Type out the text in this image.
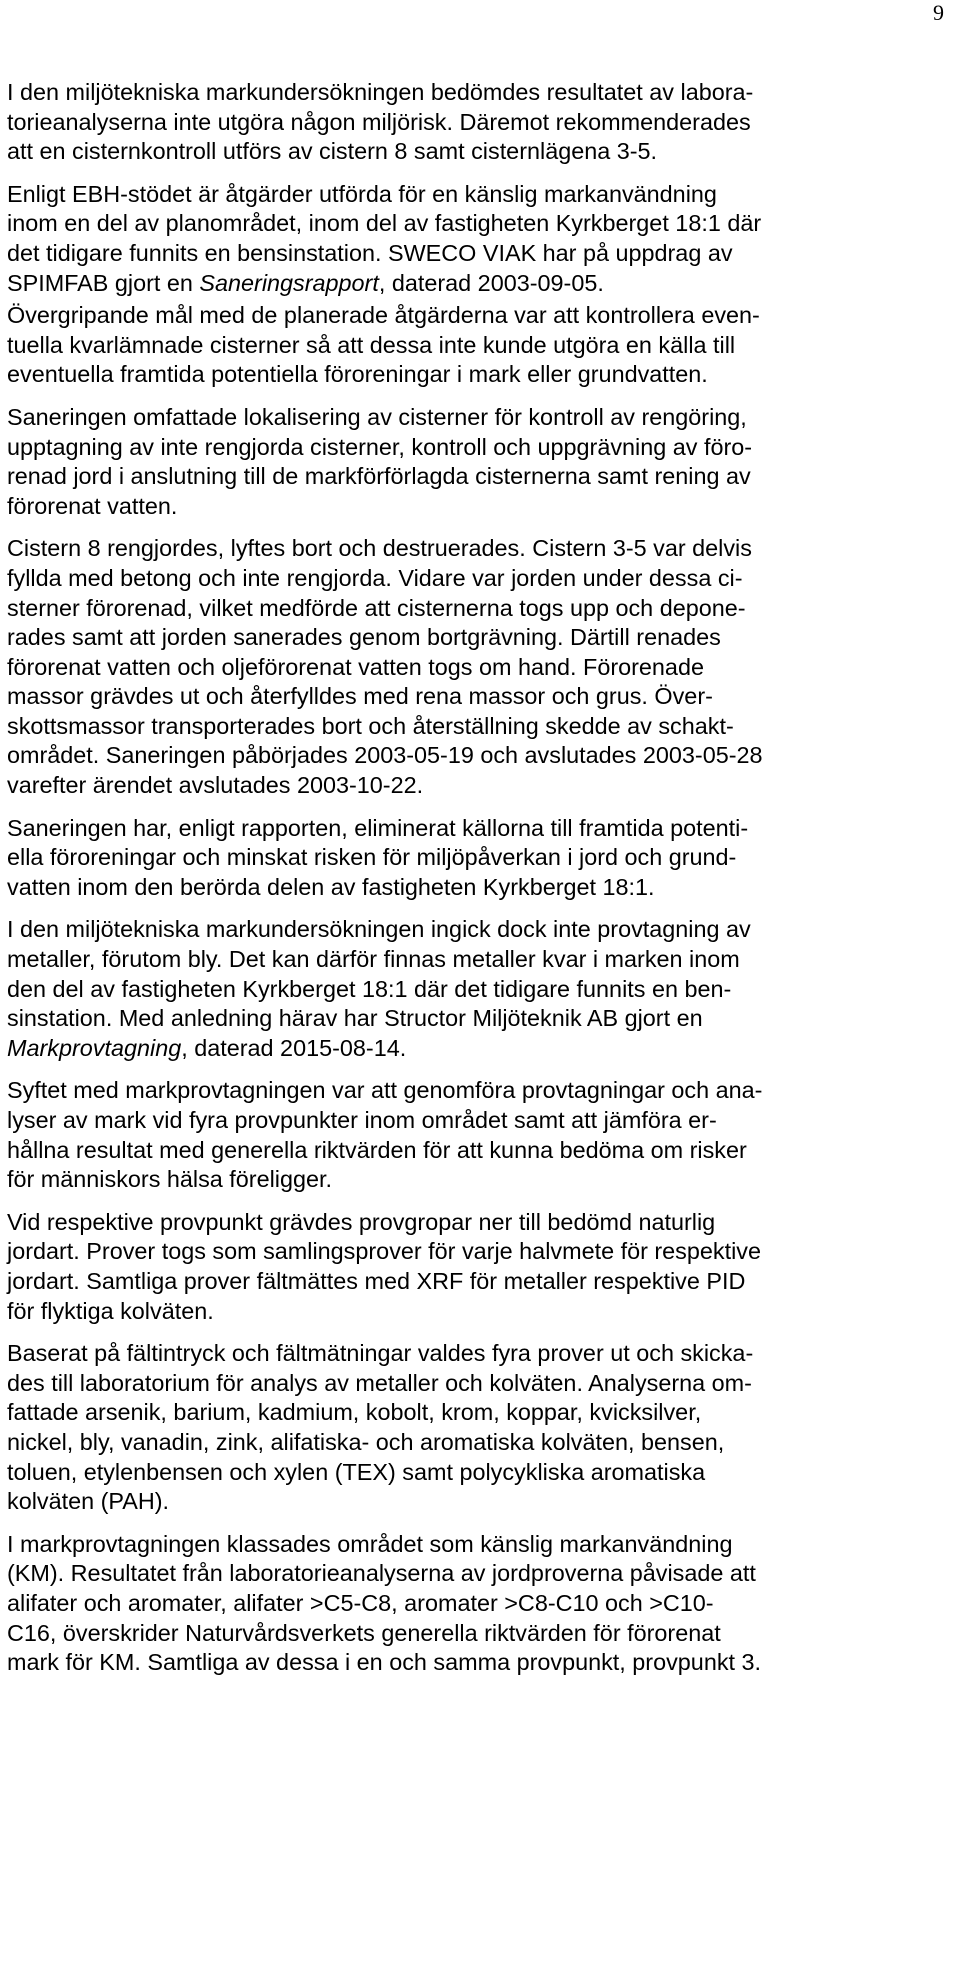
9

I den miljötekniska markundersökningen bedömdes resultatet av labora-
torieanalyserna inte utgöra någon miljörisk. Däremot rekommenderades
att en cisternkontroll utförs av cistern 8 samt cisternlägena 3-5.

Enligt EBH-stödet är åtgärder utförda för en känslig markanvändning
inom en del av planområdet, inom del av fastigheten Kyrkberget 18:1 där
det tidigare funnits en bensinstation. SWECO VIAK har på uppdrag av
SPIMFAB gjort en Saneringsrapport, daterad 2003-09-05.

Övergripande mål med de planerade åtgärderna var att kontrollera even-
tuella kvarlämnade cisterner så att dessa inte kunde utgöra en källa till
eventuella framtida potentiella föroreningar i mark eller grundvatten.

Saneringen omfattade lokalisering av cisterner för kontroll av rengöring,
upptagning av inte rengjorda cisterner, kontroll och uppgrävning av föro-
renad jord i anslutning till de markförförlagda cisternerna samt rening av
förorenat vatten.

Cistern 8 rengjordes, lyftes bort och destruerades. Cistern 3-5 var delvis
fyllda med betong och inte rengjorda. Vidare var jorden under dessa ci-
sterner förorenad, vilket medförde att cisternerna togs upp och depone-
rades samt att jorden sanerades genom bortgrävning. Därtill renades
förorenat vatten och oljeförorenat vatten togs om hand. Förorenade
massor grävdes ut och återfylldes med rena massor och grus. Över-
skottsmassor transporterades bort och återställning skedde av schakt-
området. Saneringen påbörjades 2003-05-19 och avslutades 2003-05-28
varefter ärendet avslutades 2003-10-22.

Saneringen har, enligt rapporten, eliminerat källorna till framtida potenti-
ella föroreningar och minskat risken för miljöpåverkan i jord och grund-
vatten inom den berörda delen av fastigheten Kyrkberget 18:1.

I den miljötekniska markundersökningen ingick dock inte provtagning av
metaller, förutom bly. Det kan därför finnas metaller kvar i marken inom
den del av fastigheten Kyrkberget 18:1 där det tidigare funnits en ben-
sinstation. Med anledning härav har Structor Miljöteknik AB gjort en
Markprovtagning, daterad 2015-08-14.

Syftet med markprovtagningen var att genomföra provtagningar och ana-
lyser av mark vid fyra provpunkter inom området samt att jämföra er-
hållna resultat med generella riktvärden för att kunna bedöma om risker
för människors hälsa föreligger.

Vid respektive provpunkt grävdes provgropar ner till bedömd naturlig
jordart. Prover togs som samlingsprover för varje halvmete för respektive
jordart. Samtliga prover fältmättes med XRF för metaller respektive PID
för flyktiga kolväten.

Baserat på fältintryck och fältmätningar valdes fyra prover ut och skicka-
des till laboratorium för analys av metaller och kolväten. Analyserna om-
fattade arsenik, barium, kadmium, kobolt, krom, koppar, kvicksilver,
nickel, bly, vanadin, zink, alifatiska- och aromatiska kolväten, bensen,
toluen, etylenbensen och xylen (TEX) samt polycykliska aromatiska
kolväten (PAH).

I markprovtagningen klassades området som känslig markanvändning
(KM). Resultatet från laboratorieanalyserna av jordproverna påvisade att
alifater och aromater, alifater >C5-C8, aromater >C8-C10 och >C10-
C16, överskrider Naturvårdsverkets generella riktvärden för förorenat
mark för KM. Samtliga av dessa i en och samma provpunkt, provpunkt 3.
